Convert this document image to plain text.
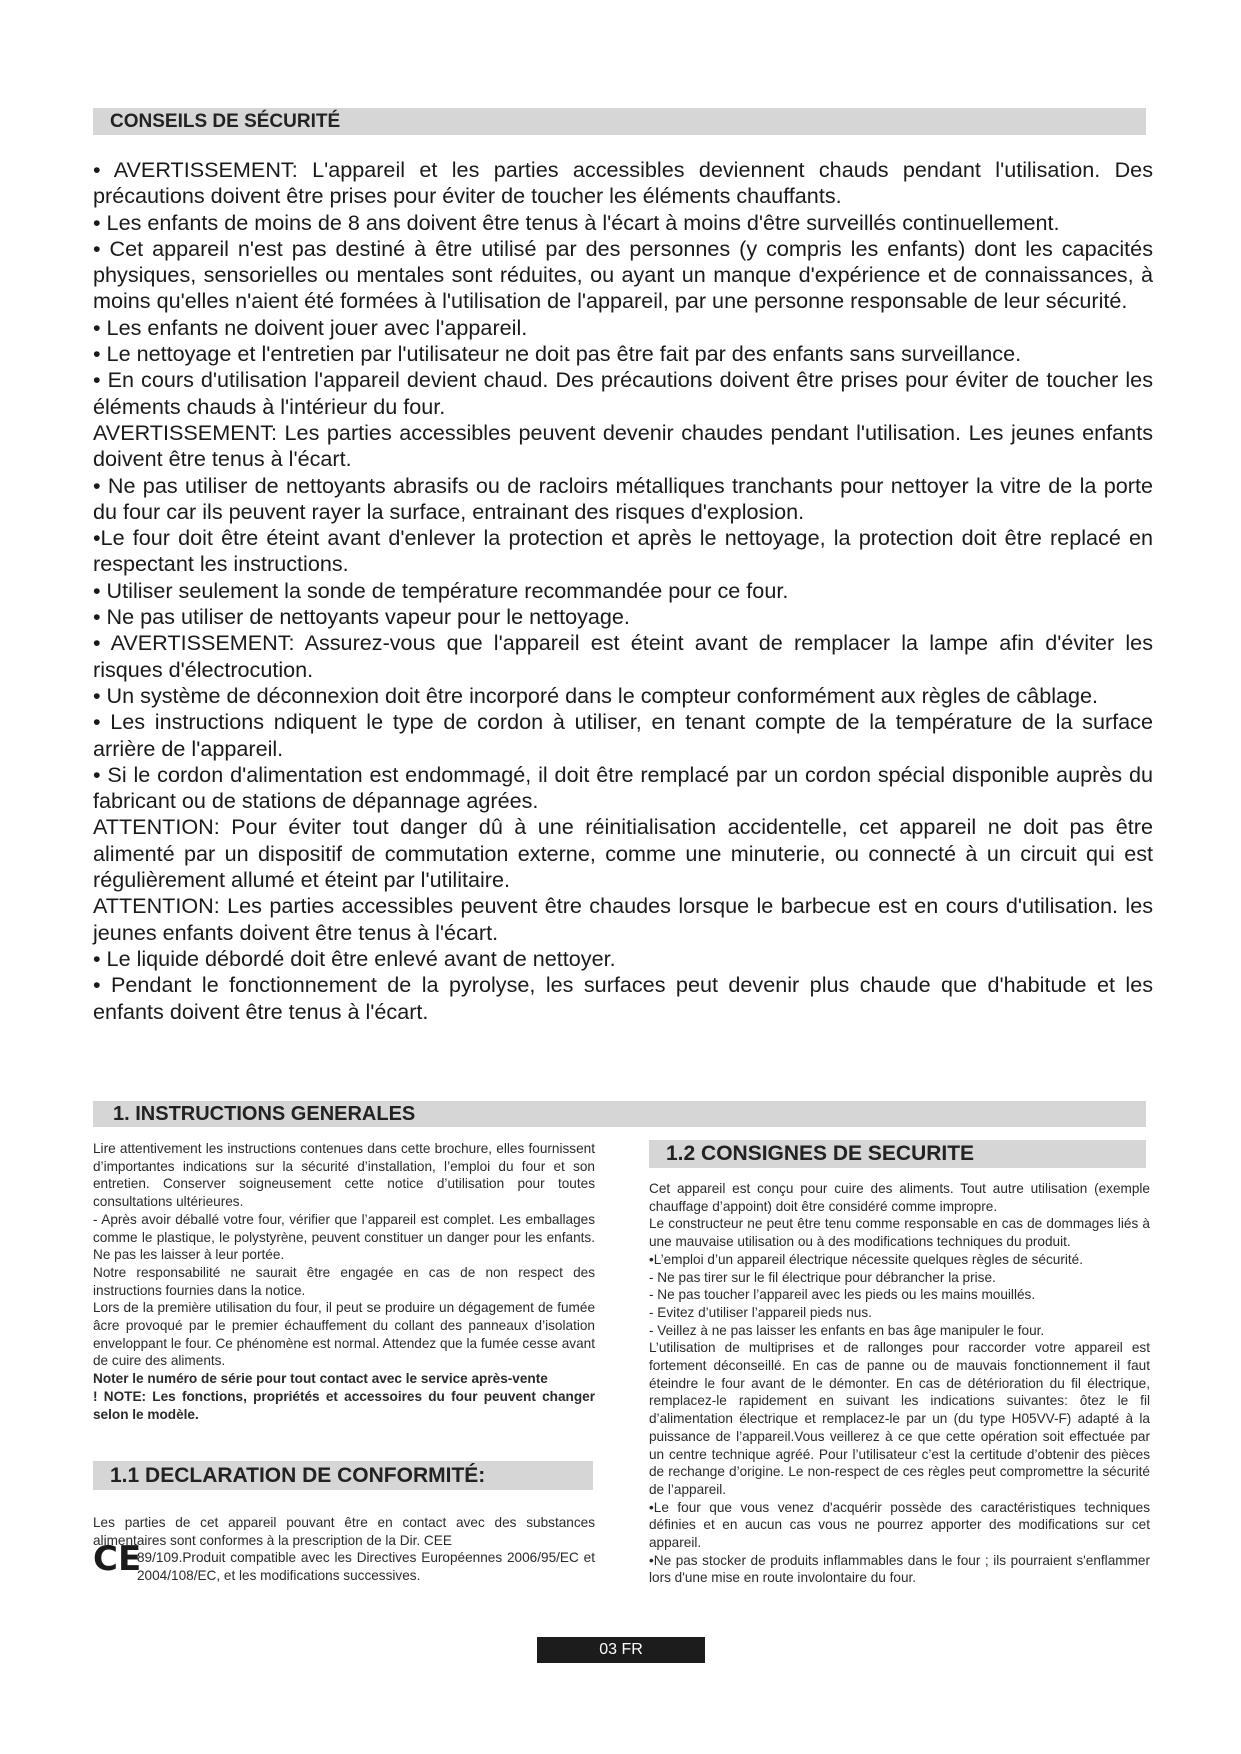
CONSEILS DE SÉCURITÉ

• AVERTISSEMENT: L'appareil et les parties accessibles deviennent chauds pendant l'utilisation. Des précautions doivent être prises pour éviter de toucher les éléments chauffants.

• Les enfants de moins de 8 ans doivent être tenus à l'écart à moins d'être surveillés continuellement.

• Cet appareil n'est pas destiné à être utilisé par des personnes (y compris les enfants) dont les capacités physiques, sensorielles ou mentales sont réduites, ou ayant un manque d'expérience et de connaissances, à moins qu'elles n'aient été formées à l'utilisation de l'appareil, par une personne responsable de leur sécurité.

• Les enfants ne doivent jouer avec l'appareil.

• Le nettoyage et l'entretien par l'utilisateur ne doit pas être fait par des enfants sans surveillance.

• En cours d'utilisation l'appareil devient chaud. Des précautions doivent être prises pour éviter de toucher les éléments chauds à l'intérieur du four.

AVERTISSEMENT: Les parties accessibles peuvent devenir chaudes pendant l'utilisation. Les jeunes enfants doivent être tenus à l'écart.

• Ne pas utiliser de nettoyants abrasifs ou de racloirs métalliques tranchants pour nettoyer la vitre de la porte du four car ils peuvent rayer la surface, entrainant des risques d'explosion.

•Le four doit être éteint avant d'enlever la protection et après le nettoyage, la protection doit être replacé en respectant les instructions.

• Utiliser seulement la sonde de température recommandée pour ce four.

• Ne pas utiliser de nettoyants vapeur pour le nettoyage.

• AVERTISSEMENT: Assurez-vous que l'appareil est éteint avant de remplacer la lampe afin d'éviter les risques d'électrocution.

• Un système de déconnexion doit être incorporé dans le compteur conformément aux règles de câblage.

• Les instructions ndiquent le type de cordon à utiliser, en tenant compte de la température de la surface arrière de l'appareil.

• Si le cordon d'alimentation est endommagé, il doit être remplacé par un cordon spécial disponible auprès du fabricant ou de stations de dépannage agrées.

ATTENTION: Pour éviter tout danger dû à une réinitialisation accidentelle, cet appareil ne doit pas être alimenté par un dispositif de commutation externe, comme une minuterie, ou connecté à un circuit qui est régulièrement allumé et éteint par l'utilitaire.

ATTENTION: Les parties accessibles peuvent être chaudes lorsque le barbecue est en cours d'utilisation. les jeunes enfants doivent être tenus à l'écart.

• Le liquide débordé doit être enlevé avant de nettoyer.

• Pendant le fonctionnement de la pyrolyse, les surfaces peut devenir plus chaude que d'habitude et les enfants doivent être tenus à l'écart.

1. INSTRUCTIONS GENERALES

Lire attentivement les instructions contenues dans cette brochure, elles fournissent d’importantes indications sur la sécurité d’installation, l’emploi du four et son entretien. Conserver soigneusement cette notice d’utilisation pour toutes consultations ultérieures.

- Après avoir déballé votre four, vérifier que l’appareil est complet. Les emballages comme le plastique, le polystyrène, peuvent constituer un danger pour les enfants. Ne pas les laisser à leur portée.

Notre responsabilité ne saurait être engagée en cas de non respect des instructions fournies dans la notice.

Lors de la première utilisation du four, il peut se produire un dégagement de fumée âcre provoqué par le premier échauffement du collant des panneaux d’isolation enveloppant le four. Ce phénomène est normal. Attendez que la fumée cesse avant de cuire des aliments.

Noter le numéro de série pour tout contact avec le service après-vente

! NOTE: Les fonctions, propriétés et accessoires du four peuvent changer selon le modèle.

1.1 DECLARATION DE CONFORMITÉ:

Les parties de cet appareil pouvant être en contact avec des substances alimentaires sont conformes à la prescription de la Dir. CEE

89/109.Produit compatible avec les Directives Européennes 2006/95/EC et 2004/108/EC, et les modifications successives.

CE
1.2 CONSIGNES DE SECURITE

Cet appareil est conçu pour cuire des aliments. Tout autre utilisation (exemple chauffage d’appoint) doit être considéré comme impropre.

Le constructeur ne peut être tenu comme responsable en cas de dommages liés à une mauvaise utilisation ou à des modifications techniques du produit.

•L’emploi d’un appareil électrique nécessite quelques règles de sécurité.

- Ne pas tirer sur le fil électrique pour débrancher la prise.

- Ne pas toucher l’appareil avec les pieds ou les mains mouillés.

- Evitez d’utiliser l’appareil pieds nus.

- Veillez à ne pas laisser les enfants en bas âge manipuler le four.

L’utilisation de multiprises et de rallonges pour raccorder votre appareil est fortement déconseillé. En cas de panne ou de mauvais fonctionnement il faut éteindre le four avant de le démonter. En cas de détérioration du fil électrique, remplacez-le rapidement en suivant les indications suivantes: ôtez le fil d’alimentation électrique et remplacez-le par un (du type H05VV-F) adapté à la puissance de l’appareil.Vous veillerez à ce que cette opération soit effectuée par un centre technique agréé. Pour l’utilisateur c’est la certitude d’obtenir des pièces de rechange d’origine. Le non-respect de ces règles peut compromettre la sécurité de l’appareil.

•Le four que vous venez d'acquérir possède des caractéristiques techniques définies et en aucun cas vous ne pourrez apporter des modifications sur cet appareil.

•Ne pas stocker de produits inflammables dans le four ; ils pourraient s'enflammer lors d'une mise en route involontaire du four.

03 FR
